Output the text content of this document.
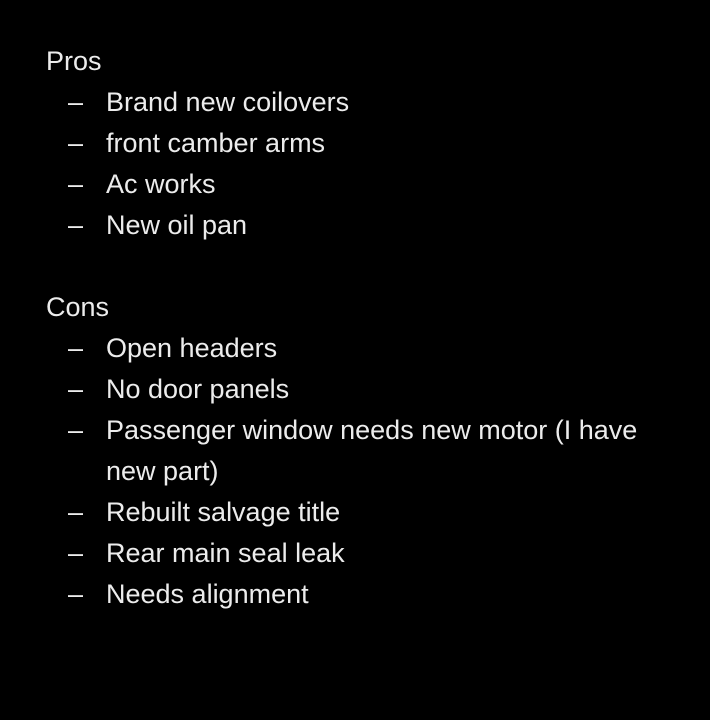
Pros
– Brand new coilovers
– front camber arms
– Ac works
– New oil pan
Cons
– Open headers
– No door panels
– Passenger window needs new motor (I have new part)
– Rebuilt salvage title
– Rear main seal leak
– Needs alignment
